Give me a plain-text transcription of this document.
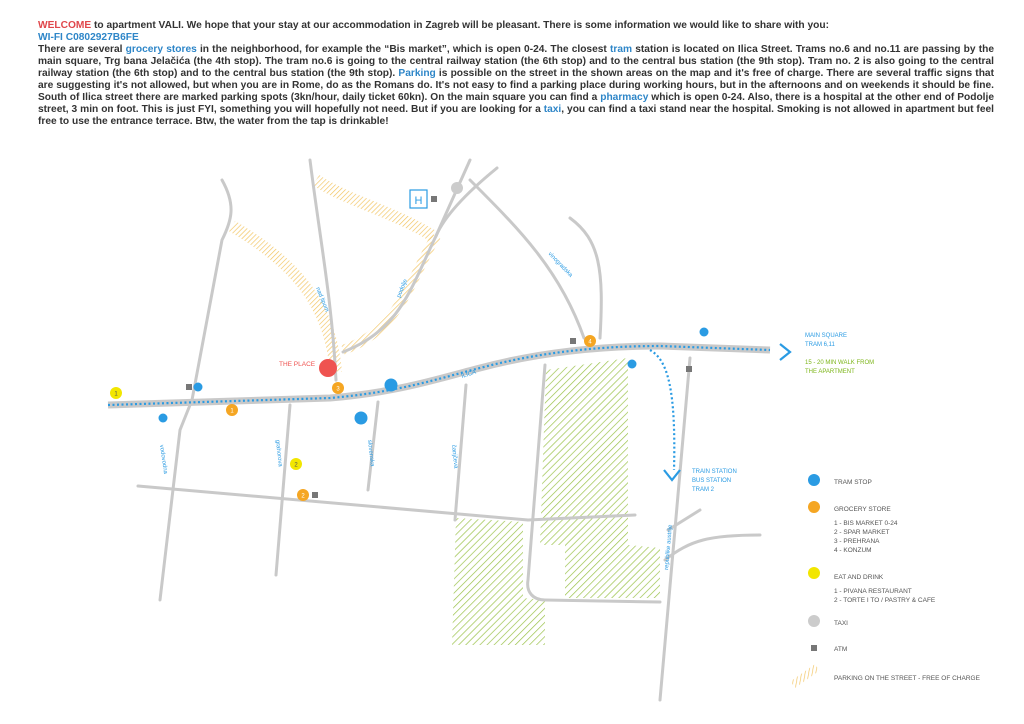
WELCOME to apartment VALI. We hope that your stay at our accommodation in Zagreb will be pleasant. There is some information we would like to share with you:

WI-FI C0802927B6FE

There are several grocery stores in the neighborhood, for example the “Bis market”, which is open 0-24. The closest tram station is located on Ilica Street. Trams no.6 and no.11 are passing by the main square, Trg bana Jelačića (the 4th stop). The tram no.6 is going to the central railway station (the 6th stop) and to the central bus station (the 9th stop). Tram no. 2 is also going to the central railway station (the 6th stop) and to the central bus station (the 9th stop). Parking is possible on the street in the shown areas on the map and it's free of charge. There are several traffic signs that are suggesting it's not allowed, but when you are in Rome, do as the Romans do. It's not easy to find a parking place during working hours, but in the afternoons and on weekends it should be fine. South of Ilica street there are marked parking spots (3kn/hour, daily ticket 60kn). On the main square you can find a pharmacy which is open 0-24. Also, there is a hospital at the other end of Podolje street, 3 min on foot. This is just FYI, something you will hopefully not need. But if you are looking for a taxi, you can find a taxi stand near the hospital. Smoking is not allowed in apartment but feel free to use the entrance terrace. Btw, the water from the tap is drinkable!

ILICA
nad lipom	podolje
vinogradska
vodovodna	grahorova	slovenska	čanjčeva
republike austrije
H
THE PLACE
1
2
1
2
3
4
MAIN SQUARE
TRAM 6,11
15 - 20 MIN WALK FROM
THE APARTMENT
TRAIN STATION
BUS STATION
TRAM 2
TRAM STOP
GROCERY STORE
1 - BIS MARKET 0-24
2 - SPAR MARKET
3 - PREHRANA
4 - KONZUM
EAT AND DRINK
1 - PIVANA RESTAURANT
2 - TORTE I TO / PASTRY & CAFE
TAXI
ATM
PARKING ON THE STREET - FREE OF CHARGE
